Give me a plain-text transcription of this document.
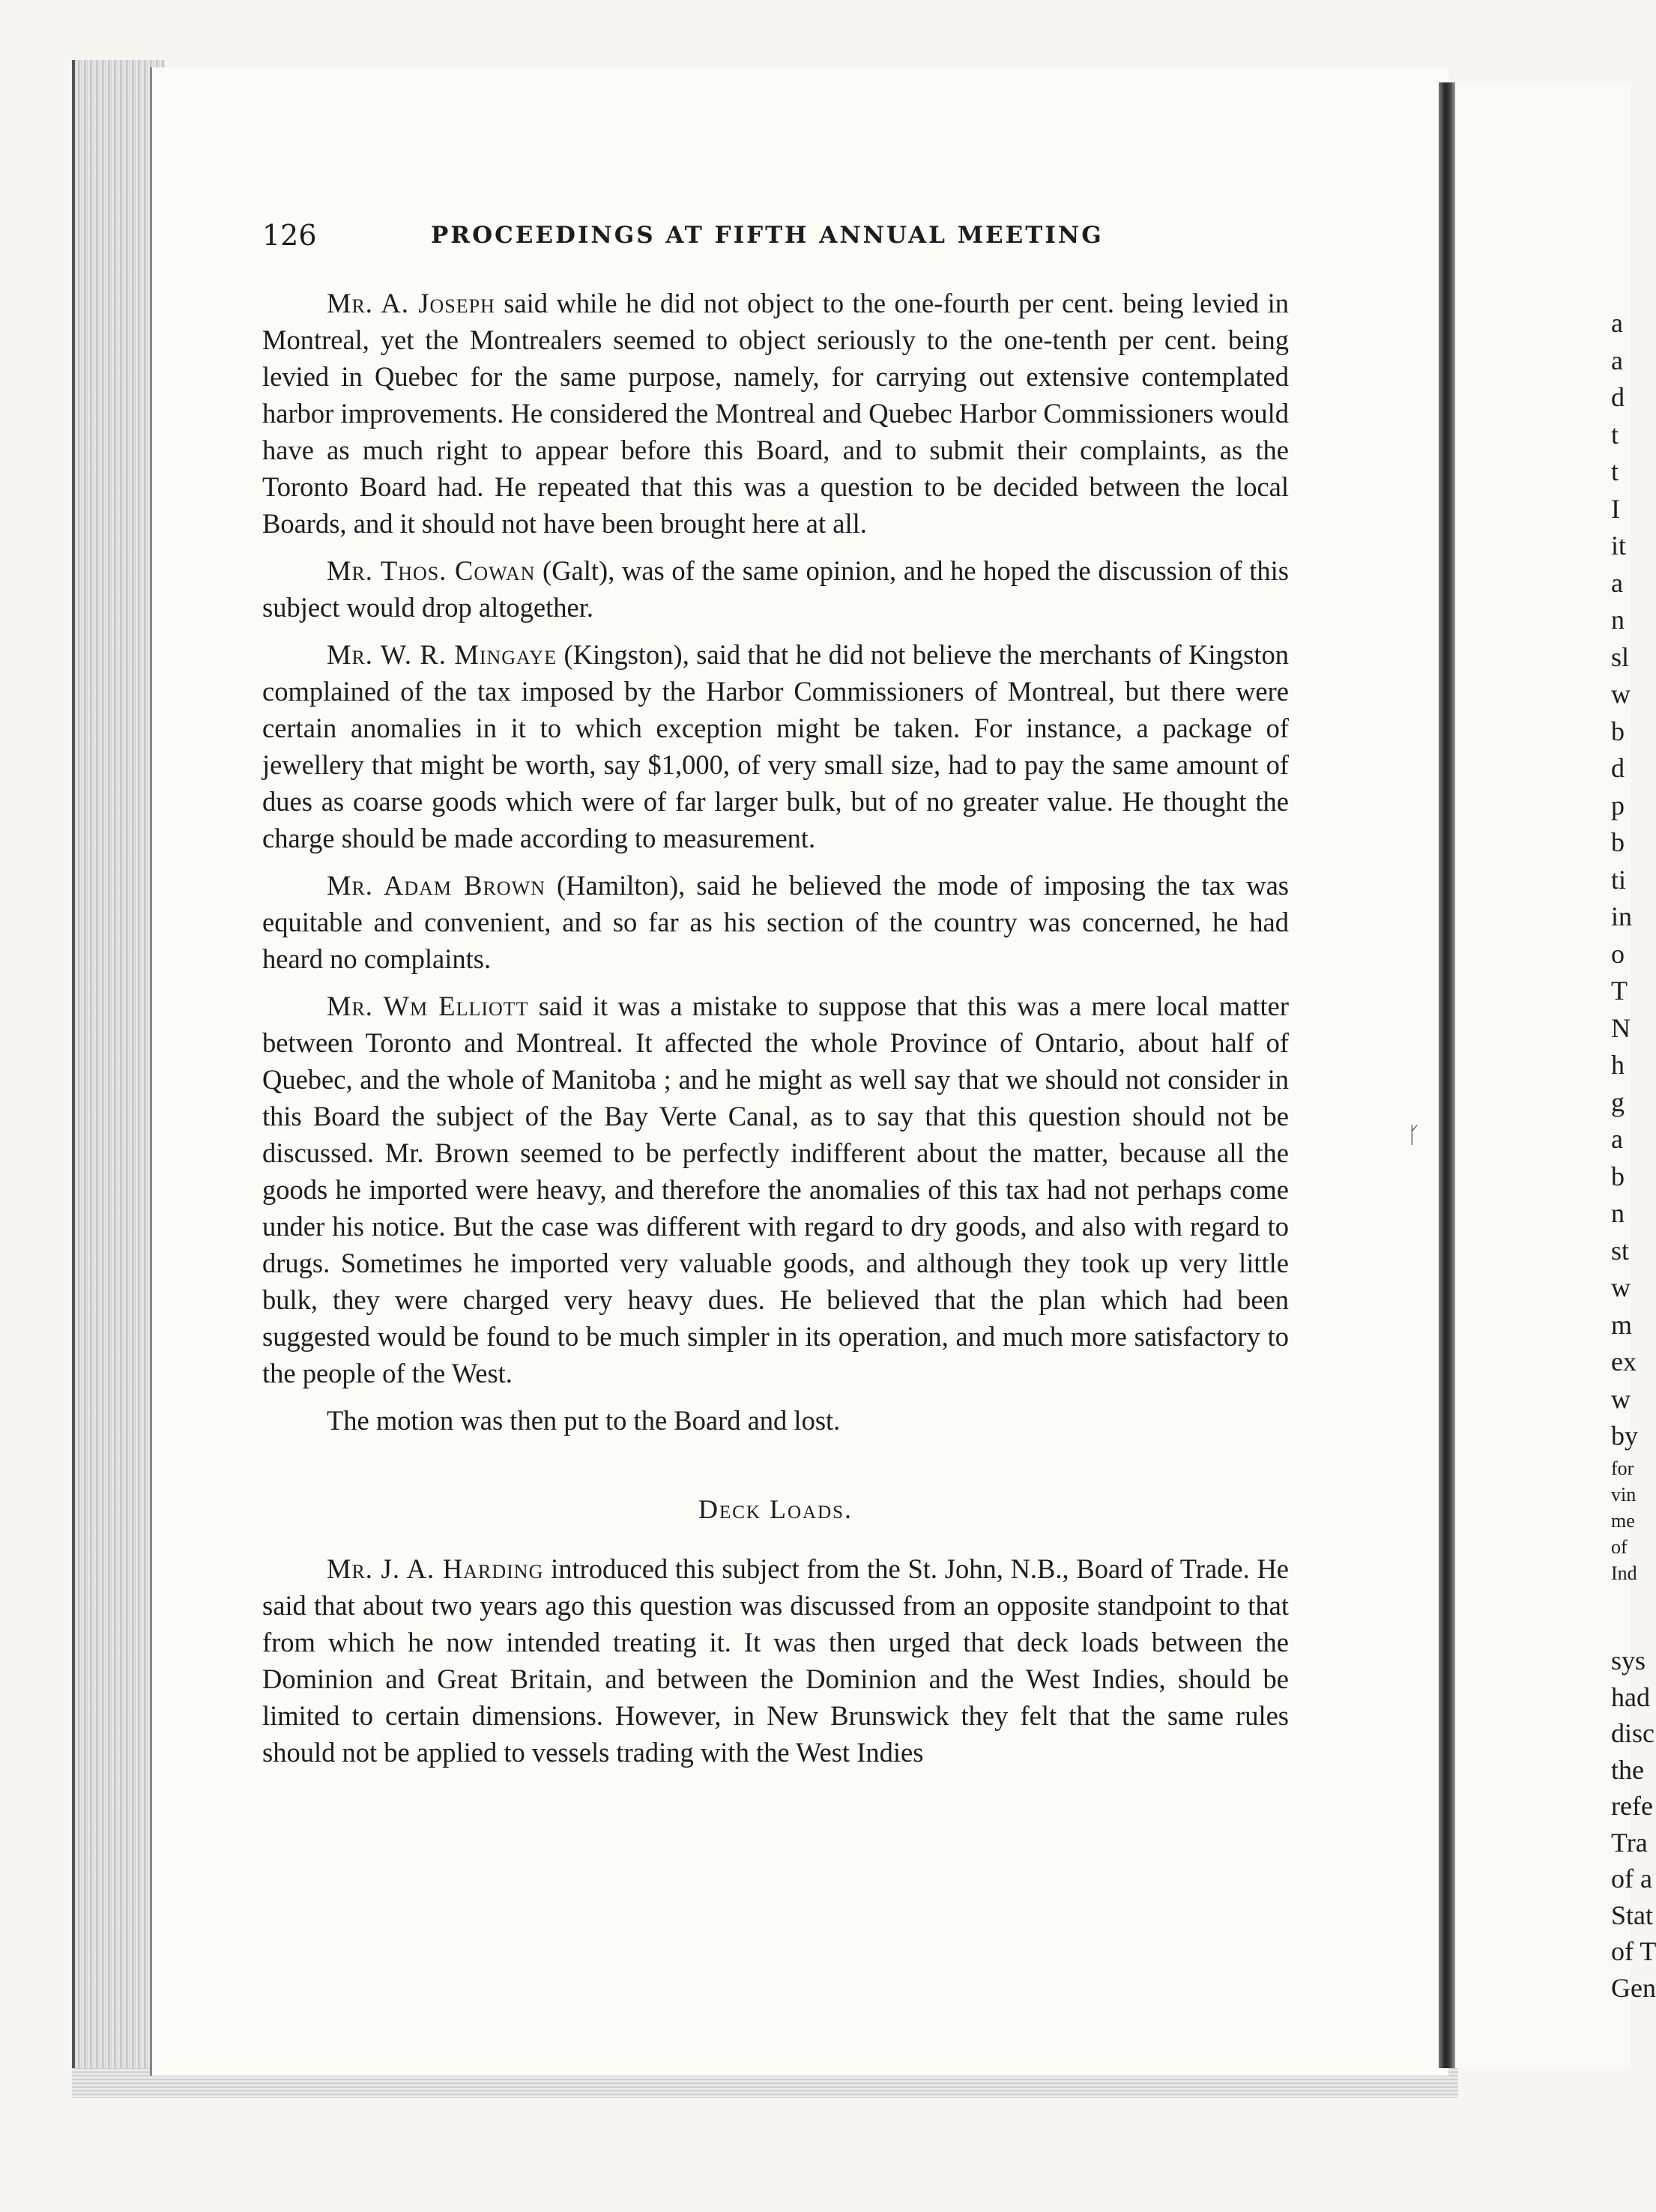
126	PROCEEDINGS AT FIFTH ANNUAL MEETING

Mr. A. Joseph said while he did not object to the one-fourth per cent. being levied in Montreal, yet the Montrealers seemed to object seriously to the one-tenth per cent. being levied in Quebec for the same purpose, namely, for carrying out extensive contemplated harbor improvements. He considered the Montreal and Quebec Harbor Commissioners would have as much right to appear before this Board, and to submit their complaints, as the Toronto Board had. He repeated that this was a question to be decided between the local Boards, and it should not have been brought here at all.

Mr. Thos. Cowan (Galt), was of the same opinion, and he hoped the discussion of this subject would drop altogether.

Mr. W. R. Mingaye (Kingston), said that he did not believe the merchants of Kingston complained of the tax imposed by the Harbor Commissioners of Montreal, but there were certain anomalies in it to which exception might be taken. For instance, a package of jewellery that might be worth, say $1,000, of very small size, had to pay the same amount of dues as coarse goods which were of far larger bulk, but of no greater value. He thought the charge should be made according to measurement.

Mr. Adam Brown (Hamilton), said he believed the mode of imposing the tax was equitable and convenient, and so far as his section of the country was concerned, he had heard no complaints.

Mr. Wm Elliott said it was a mistake to suppose that this was a mere local matter between Toronto and Montreal. It affected the whole Province of Ontario, about half of Quebec, and the whole of Manitoba ; and he might as well say that we should not consider in this Board the subject of the Bay Verte Canal, as to say that this question should not be discussed. Mr. Brown seemed to be perfectly indifferent about the matter, because all the goods he imported were heavy, and therefore the anomalies of this tax had not perhaps come under his notice. But the case was different with regard to dry goods, and also with regard to drugs. Sometimes he imported very valuable goods, and although they took up very little bulk, they were charged very heavy dues. He believed that the plan which had been suggested would be found to be much simpler in its operation, and much more satisfactory to the people of the West.

The motion was then put to the Board and lost.

Deck Loads.

Mr. J. A. Harding introduced this subject from the St. John, N.B., Board of Trade. He said that about two years ago this question was discussed from an opposite standpoint to that from which he now intended treating it. It was then urged that deck loads between the Dominion and Great Britain, and between the Dominion and the West Indies, should be limited to certain dimensions. However, in New Brunswick they felt that the same rules should not be applied to vessels trading with the West Indies

a
a
d
t
t
I
it
a
n
sl
w
b
d
p
b
ti
in
o
T
N
h
g
a
b
n
st
w
m
ex
w
by
for
vin
me
of
Ind
sys
had
disc
the
refe
Tra
of a
Stat
of T
Gen
ᚴ
